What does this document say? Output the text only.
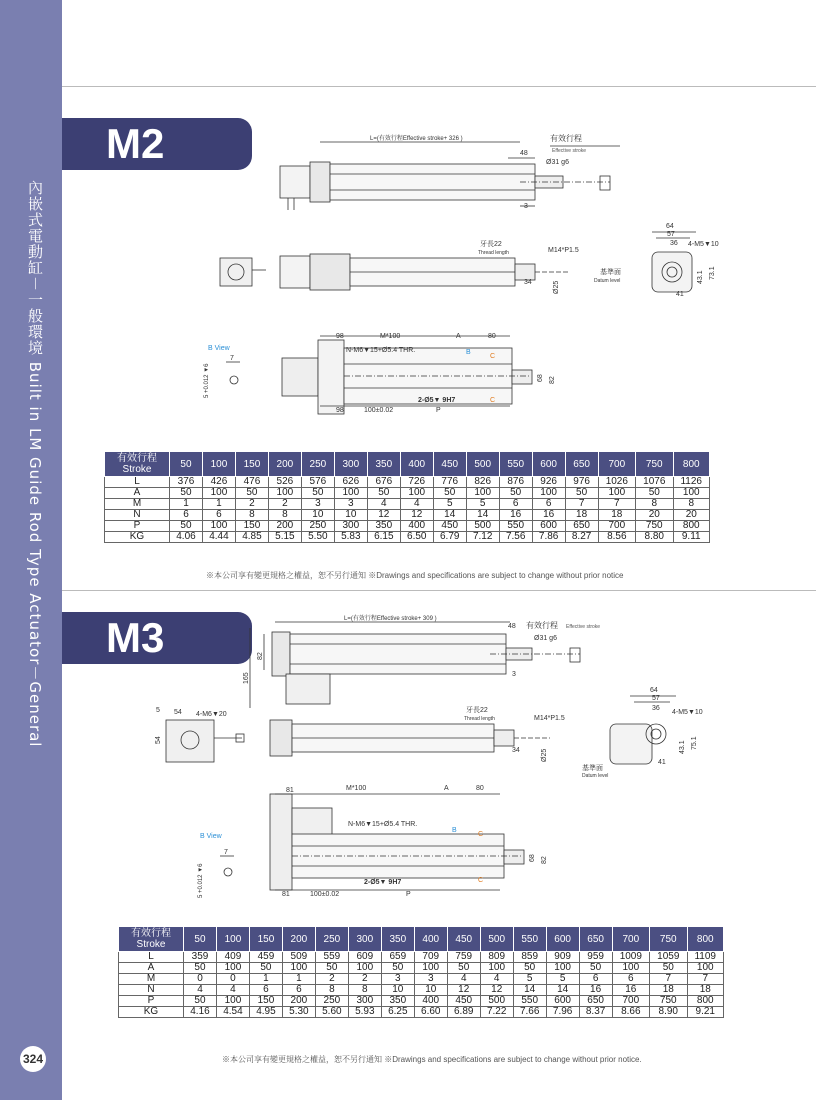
內嵌式電動缸－一般環境 Built in LM Guide Rod Type Actuator－General
324
M2	L=(有效行程Effective stroke+ 326 )	有效行程
Effective stroke
48
Ø31 g6
3
牙長22
Thread length	M14*P1.5
34	Ø25
64
57
36 4-M5▼10
基準面
Datum level
41
43.1 73.1
B View
7
5 +0.012 ▼6
98	M*100	A	80
N-M6▼15+Ø5.4 THR.	B
C
C
68 82
2-Ø5▼ 9H7
98	100±0.02	P
有效行程
Stroke	50	100	150	200	250	300	350	400	450	500	550	600	650	700	750	800
L	376	426	476	526	576	626	676	726	776	826	876	926	976	1026	1076	1126
A	50	100	50	100	50	100	50	100	50	100	50	100	50	100	50	100
M	1	1	2	2	3	3	4	4	5	5	6	6	7	7	8	8
N	6	6	8	8	10	10	12	12	14	14	16	16	18	18	20	20
P	50	100	150	200	250	300	350	400	450	500	550	600	650	700	750	800
KG	4.06	4.44	4.85	5.15	5.50	5.83	6.15	6.50	6.79	7.12	7.56	7.86	8.27	8.56	8.80	9.11
※本公司享有變更規格之權益，恕不另行通知 ※Drawings and specifications are subject to change without prior notice
M3	L=(有效行程Effective stroke+ 309 )
有效行程 Effective stroke
48
Ø31 g6
3
165
82
5 54 4-M6▼20
54
牙長22
Thread length	M14*P1.5
34	Ø25
64
57
36
4-M5▼10
基準面
Datum level
41
43.1 75.1
B View
7
5 +0.012 ▼6
81	M*100	A	80
N-M6▼15+Ø5.4 THR.
B
C
C
68 82
2-Ø5▼ 9H7
81	100±0.02	P
有效行程
Stroke	50	100	150	200	250	300	350	400	450	500	550	600	650	700	750	800
L	359	409	459	509	559	609	659	709	759	809	859	909	959	1009	1059	1109
A	50	100	50	100	50	100	50	100	50	100	50	100	50	100	50	100
M	0	0	1	1	2	2	3	3	4	4	5	5	6	6	7	7
N	4	4	6	6	8	8	10	10	12	12	14	14	16	16	18	18
P	50	100	150	200	250	300	350	400	450	500	550	600	650	700	750	800
KG	4.16	4.54	4.95	5.30	5.60	5.93	6.25	6.60	6.89	7.22	7.66	7.96	8.37	8.66	8.90	9.21
※本公司享有變更規格之權益，恕不另行通知 ※Drawings and specifications are subject to change without prior notice.
